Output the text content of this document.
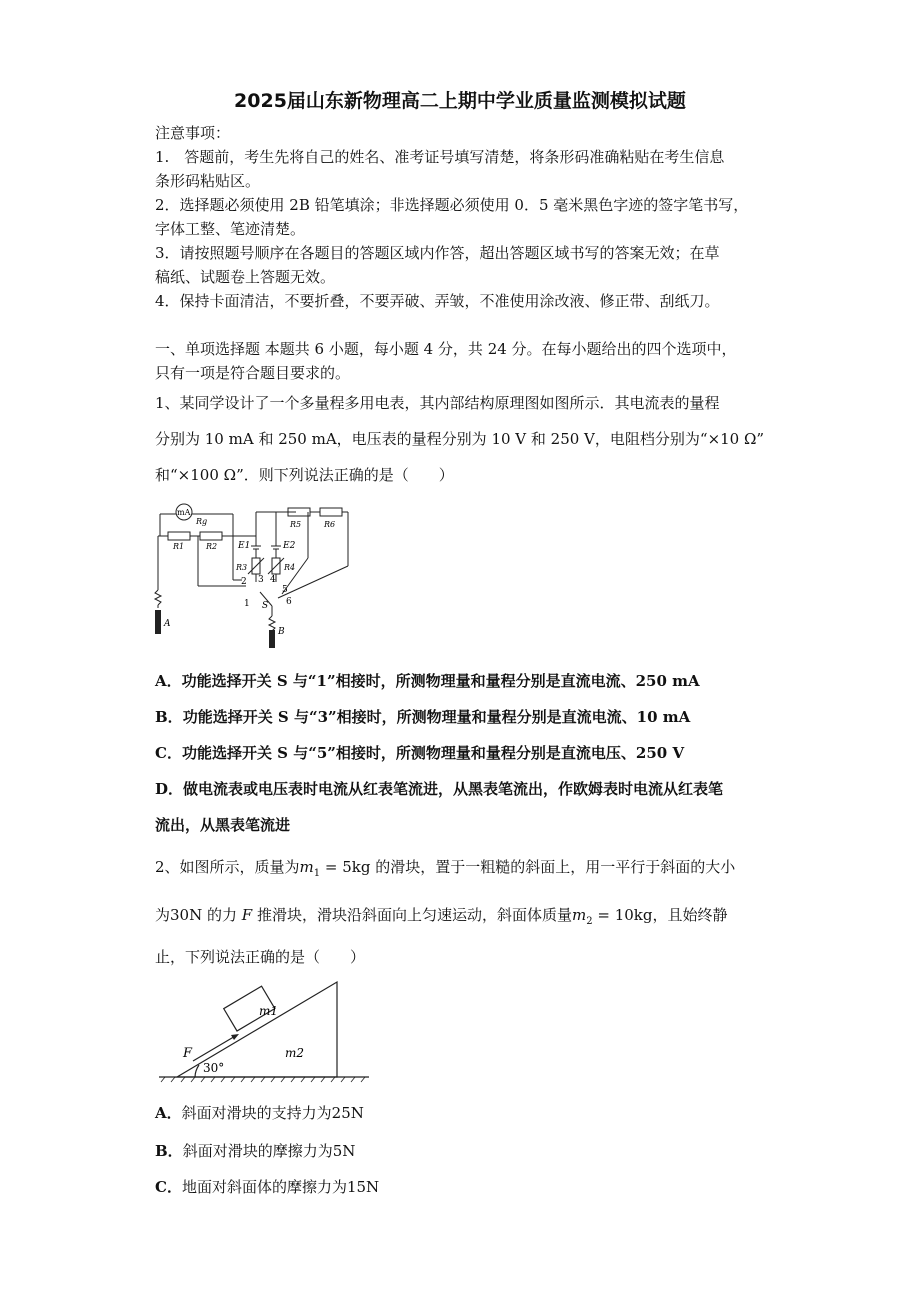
2025届山东新物理高二上期中学业质量监测模拟试题
注意事项：
1.　答题前，考生先将自己的姓名、准考证号填写清楚，将条形码准确粘贴在考生信息
条形码粘贴区。
2．选择题必须使用 2B 铅笔填涂；非选择题必须使用 0．5 毫米黑色字迹的签字笔书写，
字体工整、笔迹清楚。
3．请按照题号顺序在各题目的答题区域内作答，超出答题区域书写的答案无效；在草
稿纸、试题卷上答题无效。
4．保持卡面清洁，不要折叠，不要弄破、弄皱，不准使用涂改液、修正带、刮纸刀。
一、单项选择题 本题共 6 小题，每小题 4 分，共 24 分。在每小题给出的四个选项中，
只有一项是符合题目要求的。
1、某同学设计了一个多量程多用电表，其内部结构原理图如图所示．其电流表的量程
分别为 10 mA 和 250 mA，电压表的量程分别为 10 V 和 250 V，电阻档分别为“×10 Ω”
和“×100 Ω”．则下列说法正确的是（　　）
mA
Rg
R1	R2 E1	E2
R3	R4
R5	R6
1
2 3 4
5
6
S
A
B
A．功能选择开关 S 与“1”相接时，所测物理量和量程分别是直流电流、250 mA
B．功能选择开关 S 与“3”相接时，所测物理量和量程分别是直流电流、10 mA
C．功能选择开关 S 与“5”相接时，所测物理量和量程分别是直流电压、250 V
D．做电流表或电压表时电流从红表笔流进，从黑表笔流出，作欧姆表时电流从红表笔
流出，从黑表笔流进
2、如图所示，质量为$m_1 = 5kg$ 的滑块，置于一粗糙的斜面上，用一平行于斜面的大小
为30N 的力 F 推滑块，滑块沿斜面向上匀速运动，斜面体质量$m_2 = 10kg$，且始终静
止，下列说法正确的是（　　）
m1
m2
F
30°
A．斜面对滑块的支持力为25N
B．斜面对滑块的摩擦力为5N
C．地面对斜面体的摩擦力为15N
